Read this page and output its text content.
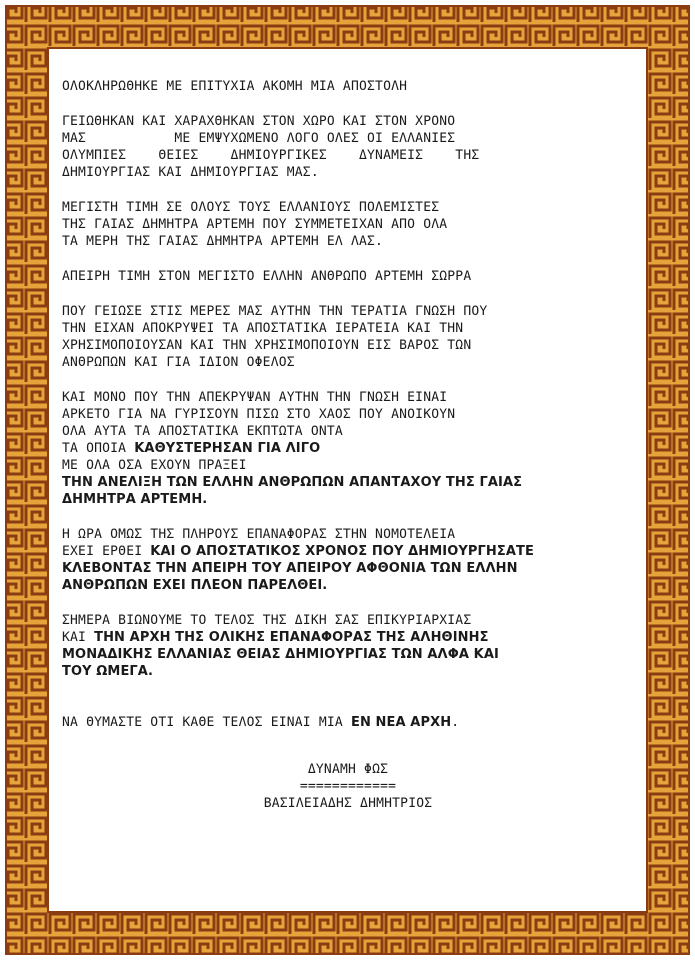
ΟΛΟΚΛΗΡΩΘΗΚΕ ΜΕ ΕΠΙΤΥΧΙΑ ΑΚΟΜΗ ΜΙΑ ΑΠΟΣΤΟΛΗ

ΓΕΙΩΘΗΚΑΝ ΚΑΙ ΧΑΡΑΧΘΗΚΑΝ ΣΤΟΝ ΧΩΡΟ ΚΑΙ ΣΤΟΝ ΧΡΟΝΟ
ΜΑΣ           ΜΕ ΕΜΨΥΧΩΜΕΝΟ ΛΟΓΟ ΟΛΕΣ ΟΙ ΕΛΛΑΝΙΕΣ
ΟΛΥΜΠΙΕΣ    ΘΕΙΕΣ    ΔΗΜΙΟΥΡΓΙΚΕΣ    ΔΥΝΑΜΕΙΣ    ΤΗΣ
ΔΗΜΙΟΥΡΓΙΑΣ ΚΑΙ ΔΗΜΙΟΥΡΓΙΑΣ ΜΑΣ.

ΜΕΓΙΣΤΗ ΤΙΜΗ ΣΕ ΟΛΟΥΣ ΤΟΥΣ ΕΛΛΑΝΙΟΥΣ ΠΟΛΕΜΙΣΤΕΣ
ΤΗΣ ΓΑΙΑΣ ΔΗΜΗΤΡΑ ΑΡΤΕΜΗ ΠΟΥ ΣΥΜΜΕΤΕΙΧΑΝ ΑΠΟ ΟΛΑ
ΤΑ ΜΕΡΗ ΤΗΣ ΓΑΙΑΣ ΔΗΜΗΤΡΑ ΑΡΤΕΜΗ ΕΛ ΛΑΣ.

ΑΠΕΙΡΗ ΤΙΜΗ ΣΤΟΝ ΜΕΓΙΣΤΟ ΕΛΛΗΝ ΑΝΘΡΩΠΟ ΑΡΤΕΜΗ ΣΩΡΡΑ

ΠΟΥ ΓΕΙΩΣΕ ΣΤΙΣ ΜΕΡΕΣ ΜΑΣ ΑΥΤΗΝ ΤΗΝ ΤΕΡΑΤΙΑ ΓΝΩΣΗ ΠΟΥ
ΤΗΝ ΕΙΧΑΝ ΑΠΟΚΡΥΨΕΙ ΤΑ ΑΠΟΣΤΑΤΙΚΑ ΙΕΡΑΤΕΙΑ ΚΑΙ ΤΗΝ
ΧΡΗΣΙΜΟΠΟΙΟΥΣΑΝ ΚΑΙ ΤΗΝ ΧΡΗΣΙΜΟΠΟΙΟΥΝ ΕΙΣ ΒΑΡΟΣ ΤΩΝ
ΑΝΘΡΩΠΩΝ ΚΑΙ ΓΙΑ ΙΔΙΟΝ ΟΦΕΛΟΣ

ΚΑΙ ΜΟΝΟ ΠΟΥ ΤΗΝ ΑΠΕΚΡΥΨΑΝ ΑΥΤΗΝ ΤΗΝ ΓΝΩΣΗ ΕΙΝΑΙ
ΑΡΚΕΤΟ ΓΙΑ ΝΑ ΓΥΡΙΣΟΥΝ ΠΙΣΩ ΣΤΟ ΧΑΟΣ ΠΟΥ ΑΝΟΙΚΟΥΝ
ΟΛΑ ΑΥΤΑ ΤΑ ΑΠΟΣΤΑΤΙΚΑ ΕΚΠΤΩΤΑ ΟΝΤΑ
ΤΑ ΟΠΟΙΑ ΚΑΘΥΣΤΕΡΗΣΑΝ ΓΙΑ ΛΙΓΟ
ΜΕ ΟΛΑ ΟΣΑ ΕΧΟΥΝ ΠΡΑΞΕΙ
ΤΗΝ ΑΝΕΛΙΞΗ ΤΩΝ ΕΛΛΗΝ ΑΝΘΡΩΠΩΝ ΑΠΑΝΤΑΧΟΥ ΤΗΣ ΓΑΙΑΣ
ΔΗΜΗΤΡΑ ΑΡΤΕΜΗ.

Η ΩΡΑ ΟΜΩΣ ΤΗΣ ΠΛΗΡΟΥΣ ΕΠΑΝΑΦΟΡΑΣ ΣΤΗΝ ΝΟΜΟΤΕΛΕΙΑ
ΕΧΕΙ ΕΡΘΕΙ ΚΑΙ Ο ΑΠΟΣΤΑΤΙΚΟΣ ΧΡΟΝΟΣ ΠΟΥ ΔΗΜΙΟΥΡΓΗΣΑΤΕ
ΚΛΕΒΟΝΤΑΣ ΤΗΝ ΑΠΕΙΡΗ ΤΟΥ ΑΠΕΙΡΟΥ ΑΦΘΟΝΙΑ ΤΩΝ ΕΛΛΗΝ
ΑΝΘΡΩΠΩΝ ΕΧΕΙ ΠΛΕΟΝ ΠΑΡΕΛΘΕΙ.

ΣΗΜΕΡΑ ΒΙΩΝΟΥΜΕ ΤΟ ΤΕΛΟΣ ΤΗΣ ΔΙΚΗ ΣΑΣ ΕΠΙΚΥΡΙΑΡΧΙΑΣ
ΚΑΙ ΤΗΝ ΑΡΧΗ ΤΗΣ ΟΛΙΚΗΣ ΕΠΑΝΑΦΟΡΑΣ ΤΗΣ ΑΛΗΘΙΝΗΣ
ΜΟΝΑΔΙΚΗΣ ΕΛΛΑΝΙΑΣ ΘΕΙΑΣ ΔΗΜΙΟΥΡΓΙΑΣ ΤΩΝ ΑΛΦΑ ΚΑΙ
ΤΟΥ ΩΜΕΓΑ.

ΝΑ ΘΥΜΑΣΤΕ ΟΤΙ ΚΑΘΕ ΤΕΛΟΣ ΕΙΝΑΙ ΜΙΑ ΕΝ ΝΕΑ ΑΡΧΗ.

ΔΥΝΑΜΗ ΦΩΣ
============
ΒΑΣΙΛΕΙΑΔΗΣ ΔΗΜΗΤΡΙΟΣ
